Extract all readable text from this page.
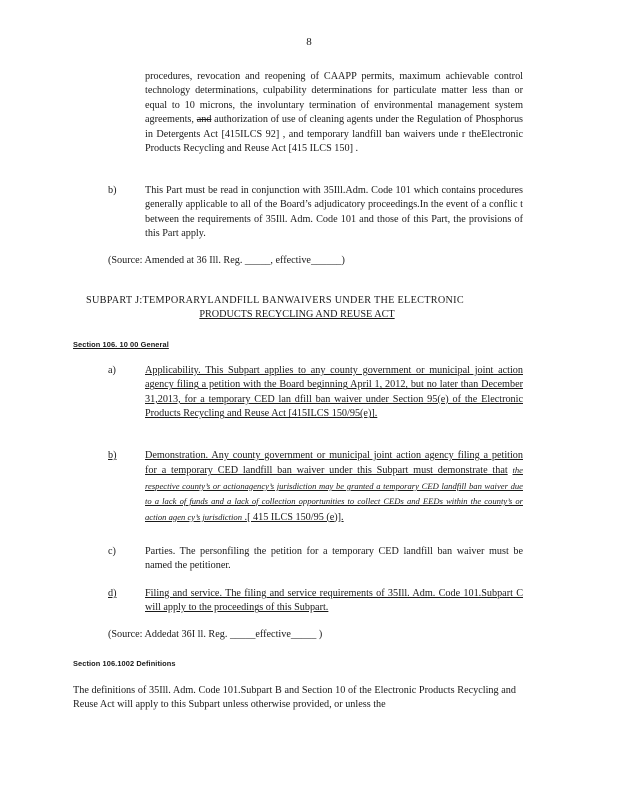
8
procedures, revocation and reopening of CAAPP permits, maximum achievable control technology determinations, culpability determinations for particulate matter less than or equal to 10 microns, the involuntary termination of environmental management system agreements, and authorization of use of cleaning agents under the Regulation of Phosphorus in Detergents Act [415ILCS 92] , and temporary landfill ban waivers unde r theElectronic Products Recycling and Reuse Act [415 ILCS 150] .
b)	This Part must be read in conjunction with 35Ill.Adm. Code 101 which contains procedures generally applicable to all of the Board’s adjudicatory proceedings.In the event of a conflic t between the requirements of 35Ill. Adm. Code 101 and those of this Part, the provisions of this Part apply.
(Source: Amended at 36 Ill. Reg. _____, effective______)
SUBPART J:TEMPORARYLANDFILL BANWAIVERS UNDER THE ELECTRONIC
PRODUCTS RECYCLING AND REUSE ACT
Section 106. 10 00 General
a)	Applicability. This Subpart applies to any county government or municipal joint action agency filing a petition with the Board beginning April 1, 2012, but no later than December 31,2013, for a temporary CED lan dfill ban waiver under Section 95(e) of the Electronic Products Recycling and Reuse Act [415ILCS 150/95(e)].
b)	Demonstration. Any county government or municipal joint action agency filing a petition for a temporary CED landfill ban waiver under this Subpart must demonstrate that the respective county’s or actionagency’s jurisdiction may be granted a temporary CED landfill ban waiver due to a lack of funds and a lack of collection opportunities to collect CEDs and EEDs within the county’s or action agen cy’s jurisdiction .[ 415 ILCS 150/95 (e)].
c)	Parties. The personfiling the petition for a temporary CED landfill ban waiver must be named the petitioner.
d)	Filing and service. The filing and service requirements of 35Ill. Adm. Code 101.Subpart C will apply to the proceedings of this Subpart.
(Source: Addedat 36I ll. Reg. _____effective_____ )
Section 106.1002 Definitions
The definitions of 35Ill. Adm. Code 101.Subpart B and Section 10 of the Electronic Products Recycling and Reuse Act will apply to this Subpart unless otherwise provided, or unless the
